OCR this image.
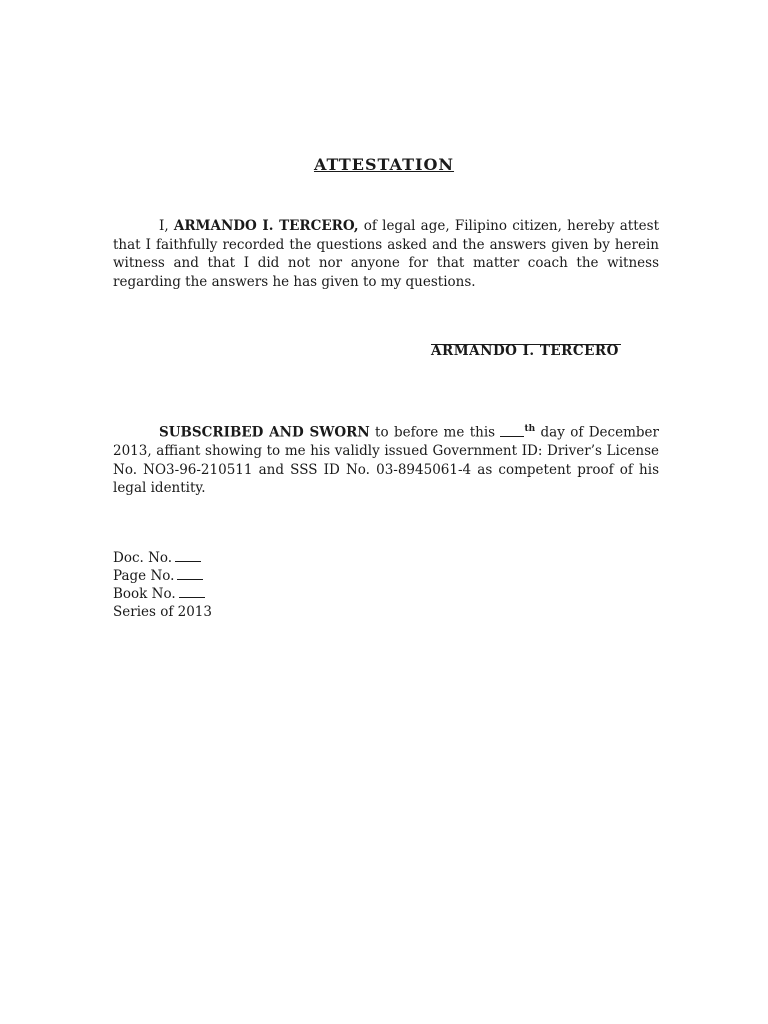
ATTESTATION

I, ARMANDO I. TERCERO, of legal age, Filipino citizen, hereby attest that I faithfully recorded the questions asked and the answers given by herein witness and that I did not nor anyone for that matter coach the witness regarding the answers he has given to my questions.

ARMANDO I. TERCERO

SUBSCRIBED AND SWORN to before me this	$^{th}$ day of December 2013, affiant showing to me his validly issued Government ID: Driver’s License No. NO3-96-210511 and SSS ID No. 03-8945061-4 as competent proof of his legal identity.

Doc. No.
Page No.
Book No.
Series of 2013
